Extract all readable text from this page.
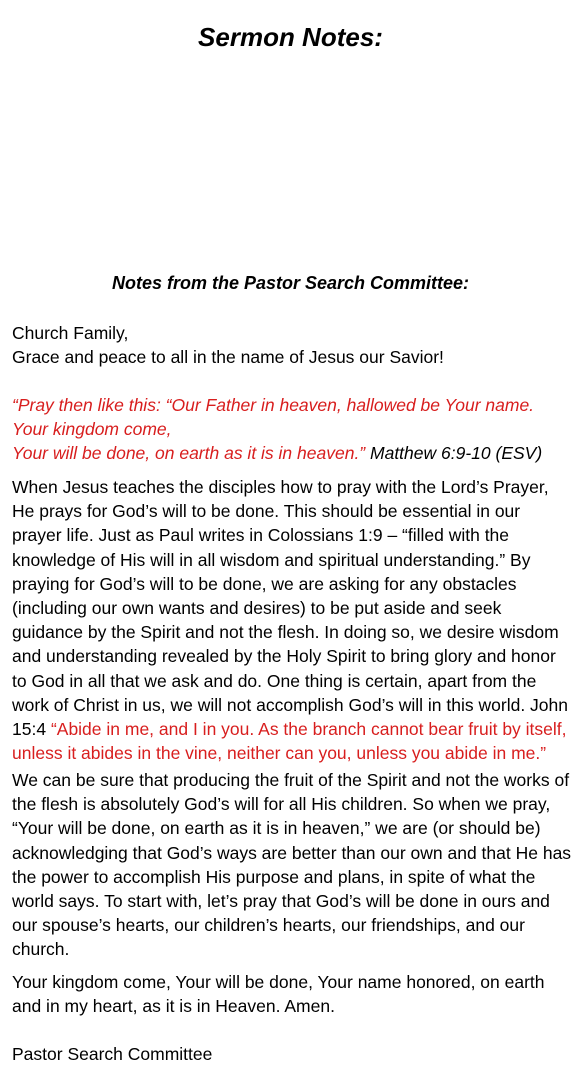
Sermon Notes:
Notes from the Pastor Search Committee:

Church Family,

Grace and peace to all in the name of Jesus our Savior!

“Pray then like this: “Our Father in heaven, hallowed be Your name. Your kingdom come,

Your will be done, on earth as it is in heaven.” Matthew 6:9-10 (ESV)

When Jesus teaches the disciples how to pray with the Lord’s Prayer, He prays for God’s will to be done. This should be essential in our prayer life. Just as Paul writes in Colossians 1:9 – “filled with the knowledge of His will in all wisdom and spiritual understanding.” By praying for God’s will to be done, we are asking for any obstacles (including our own wants and desires) to be put aside and seek guidance by the Spirit and not the flesh. In doing so, we desire wisdom and understanding revealed by the Holy Spirit to bring glory and honor to God in all that we ask and do. One thing is certain, apart from the work of Christ in us, we will not accomplish God’s will in this world. John 15:4 “Abide in me, and I in you. As the branch cannot bear fruit by itself, unless it abides in the vine, neither can you, unless you abide in me.”

We can be sure that producing the fruit of the Spirit and not the works of the flesh is absolutely God’s will for all His children. So when we pray, “Your will be done, on earth as it is in heaven,” we are (or should be) acknowledging that God’s ways are better than our own and that He has the power to accomplish His purpose and plans, in spite of what the world says. To start with, let’s pray that God’s will be done in ours and our spouse’s hearts, our children’s hearts, our friendships, and our church.

Your kingdom come, Your will be done, Your name honored, on earth and in my heart, as it is in Heaven. Amen.

Pastor Search Committee
